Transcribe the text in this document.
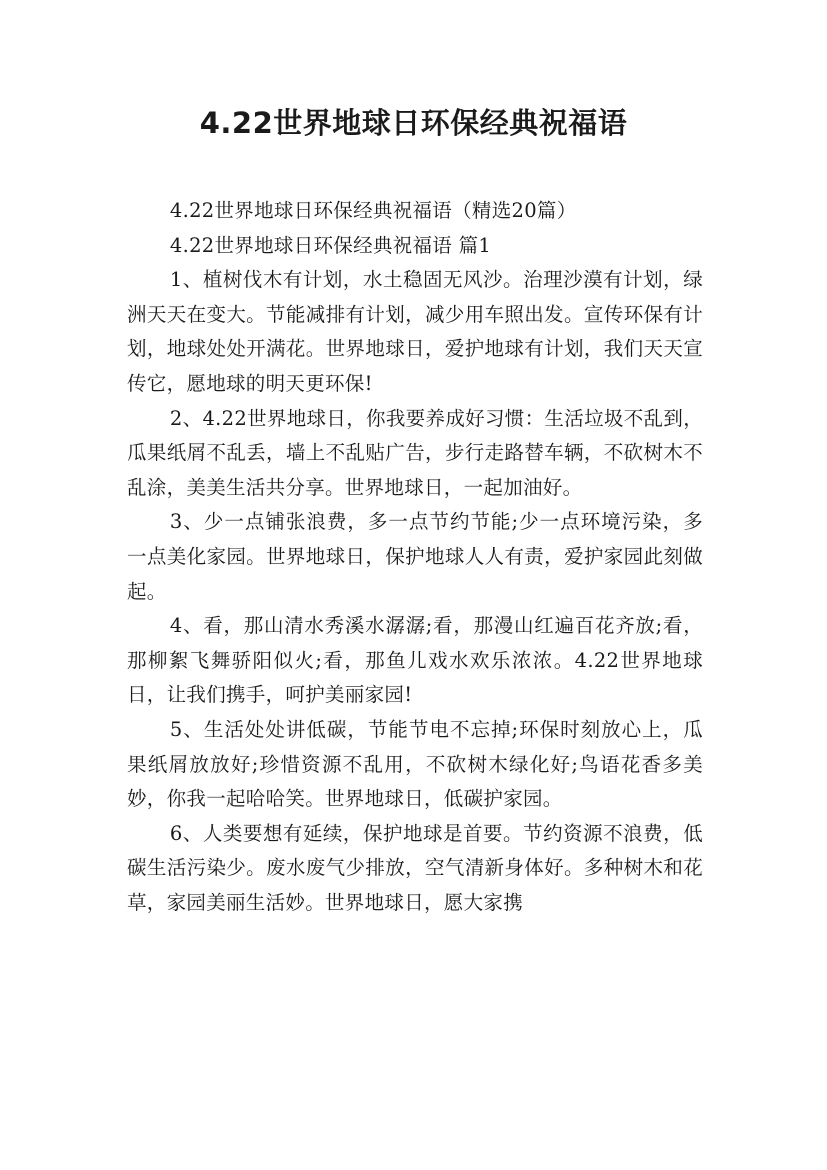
4.22世界地球日环保经典祝福语

4.22世界地球日环保经典祝福语（精选20篇）

4.22世界地球日环保经典祝福语 篇1

1、植树伐木有计划，水土稳固无风沙。治理沙漠有计划，绿洲天天在变大。节能减排有计划，减少用车照出发。宣传环保有计划，地球处处开满花。世界地球日，爱护地球有计划，我们天天宣传它，愿地球的明天更环保!

2、4.22世界地球日，你我要养成好习惯：生活垃圾不乱到，瓜果纸屑不乱丢，墙上不乱贴广告，步行走路替车辆，不砍树木不乱涂，美美生活共分享。世界地球日，一起加油好。

3、少一点铺张浪费，多一点节约节能;少一点环境污染，多一点美化家园。世界地球日，保护地球人人有责，爱护家园此刻做起。

4、看，那山清水秀溪水潺潺;看，那漫山红遍百花齐放;看，那柳絮飞舞骄阳似火;看，那鱼儿戏水欢乐浓浓。4.22世界地球日，让我们携手，呵护美丽家园!

5、生活处处讲低碳，节能节电不忘掉;环保时刻放心上，瓜果纸屑放放好;珍惜资源不乱用，不砍树木绿化好;鸟语花香多美妙，你我一起哈哈笑。世界地球日，低碳护家园。

6、人类要想有延续，保护地球是首要。节约资源不浪费，低碳生活污染少。废水废气少排放，空气清新身体好。多种树木和花草，家园美丽生活妙。世界地球日，愿大家携
